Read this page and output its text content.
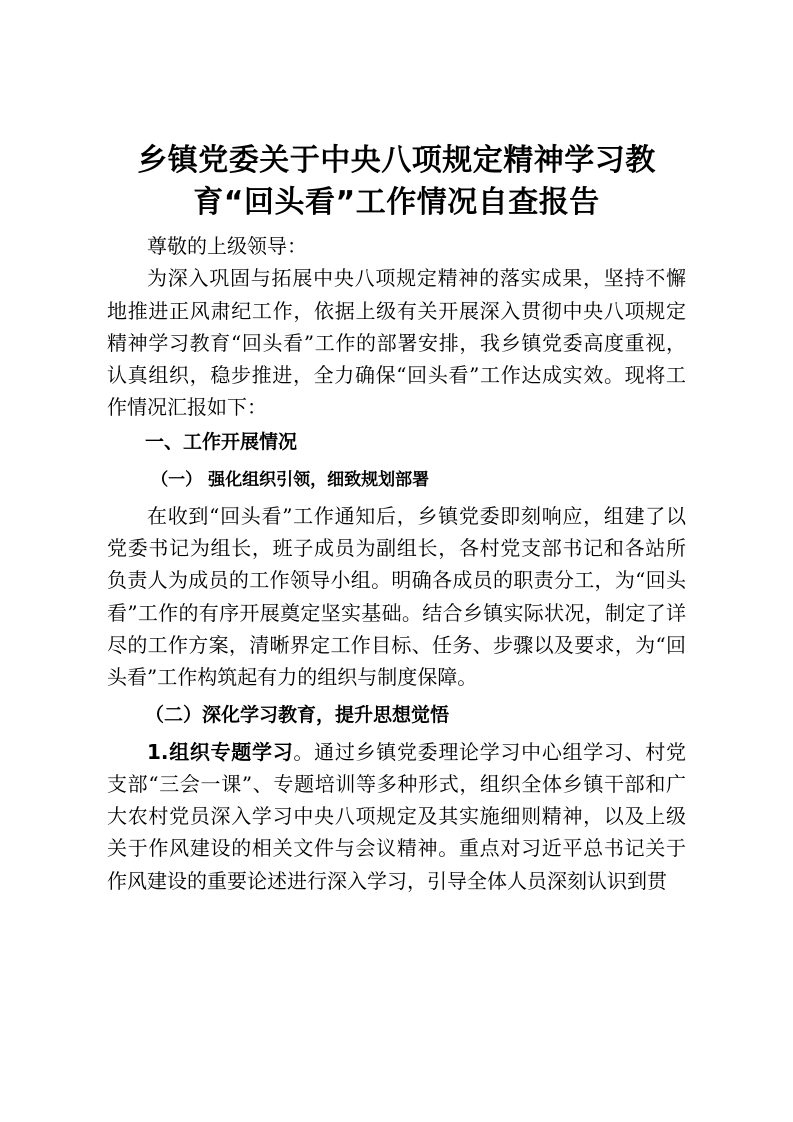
乡镇党委关于中央八项规定精神学习教育“回头看”工作情况自查报告

尊敬的上级领导：

为深入巩固与拓展中央八项规定精神的落实成果，坚持不懈地推进正风肃纪工作，依据上级有关开展深入贯彻中央八项规定精神学习教育“回头看”工作的部署安排，我乡镇党委高度重视，认真组织，稳步推进，全力确保“回头看”工作达成实效。现将工作情况汇报如下：

一、工作开展情况

（一） 强化组织引领，细致规划部署

在收到“回头看”工作通知后，乡镇党委即刻响应，组建了以党委书记为组长，班子成员为副组长，各村党支部书记和各站所负责人为成员的工作领导小组。明确各成员的职责分工，为“回头看”工作的有序开展奠定坚实基础。结合乡镇实际状况，制定了详尽的工作方案，清晰界定工作目标、任务、步骤以及要求，为“回头看”工作构筑起有力的组织与制度保障。

（二）深化学习教育，提升思想觉悟

1.组织专题学习。通过乡镇党委理论学习中心组学习、村党支部“三会一课”、专题培训等多种形式，组织全体乡镇干部和广大农村党员深入学习中央八项规定及其实施细则精神，以及上级关于作风建设的相关文件与会议精神。重点对习近平总书记关于作风建设的重要论述进行深入学习，引导全体人员深刻认识到贯
